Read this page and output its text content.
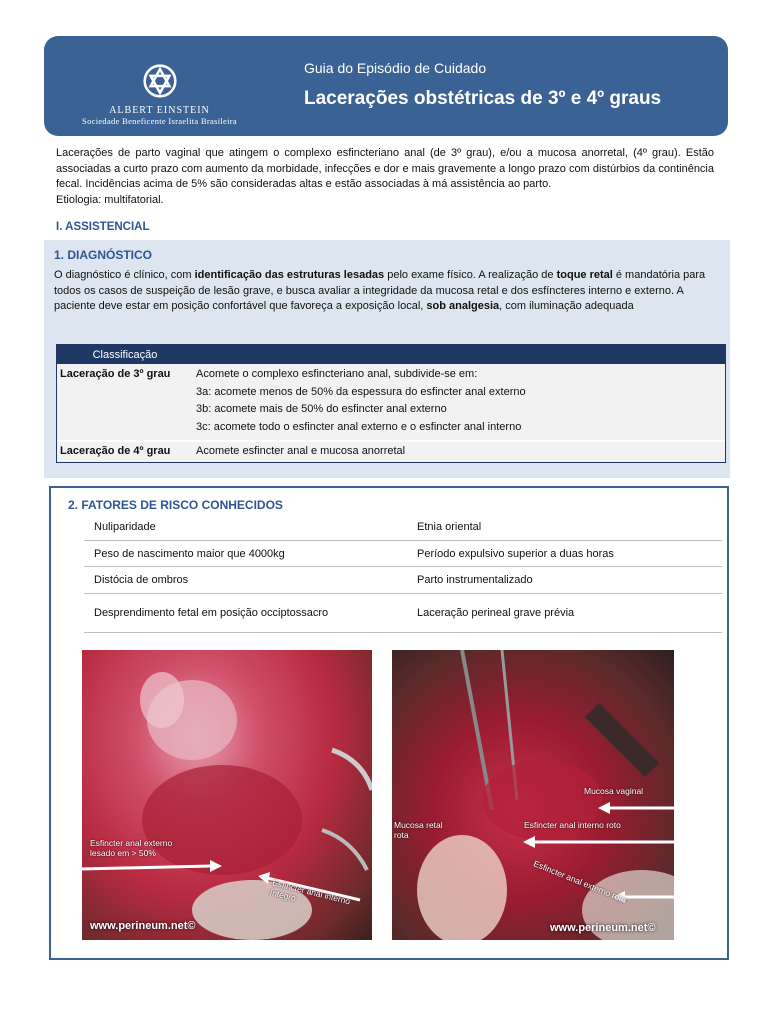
ALBERT EINSTEIN
Sociedade Beneficente Israelita Brasileira
Guia do Episódio de Cuidado
Lacerações obstétricas de 3º e 4º graus

Lacerações de parto vaginal que atingem o complexo esfincteriano anal (de 3º grau), e/ou a mucosa anorretal, (4º grau). Estão associadas a curto prazo com aumento da morbidade, infecções e dor e mais gravemente a longo prazo com distúrbios da continência fecal. Incidências acima de 5% são consideradas altas e estão associadas à má assistência ao parto.

Etiologia: multifatorial.

I. ASSISTENCIAL
1. DIAGNÓSTICO
O diagnóstico é clínico, com identificação das estruturas lesadas pelo exame físico. A realização de toque retal é mandatória para todos os casos de suspeição de lesão grave, e busca avaliar a integridade da mucosa retal e dos esfíncteres interno e externo. A paciente deve estar em posição confortável que favoreça a exposição local, sob analgesia, com iluminação adequada
Classificação
Laceração de 3º grau	Acomete o complexo esfincteriano anal, subdivide-se em:
3a: acomete menos de 50% da espessura do esfincter anal externo
3b: acomete mais de 50% do esfincter anal externo
3c: acomete todo o esfincter anal externo e o esfincter anal interno
Laceração de 4º grau	Acomete esfincter anal e mucosa anorretal
2. FATORES DE RISCO CONHECIDOS
Nuliparidade	Etnia oriental
Peso de nascimento maior que 4000kg	Período expulsivo superior a duas horas
Distócia de ombros	Parto instrumentalizado
Desprendimento fetal em posição occiptossacro	Laceração perineal grave prévia
Esfincter anal externo lesado em > 50%
Esfincter anal interno íntegro
www.perineum.net©
Mucosa vaginal
Mucosa retal rota
Esfincter anal interno roto
Esfincter anal externo roto
www.perineum.net©
